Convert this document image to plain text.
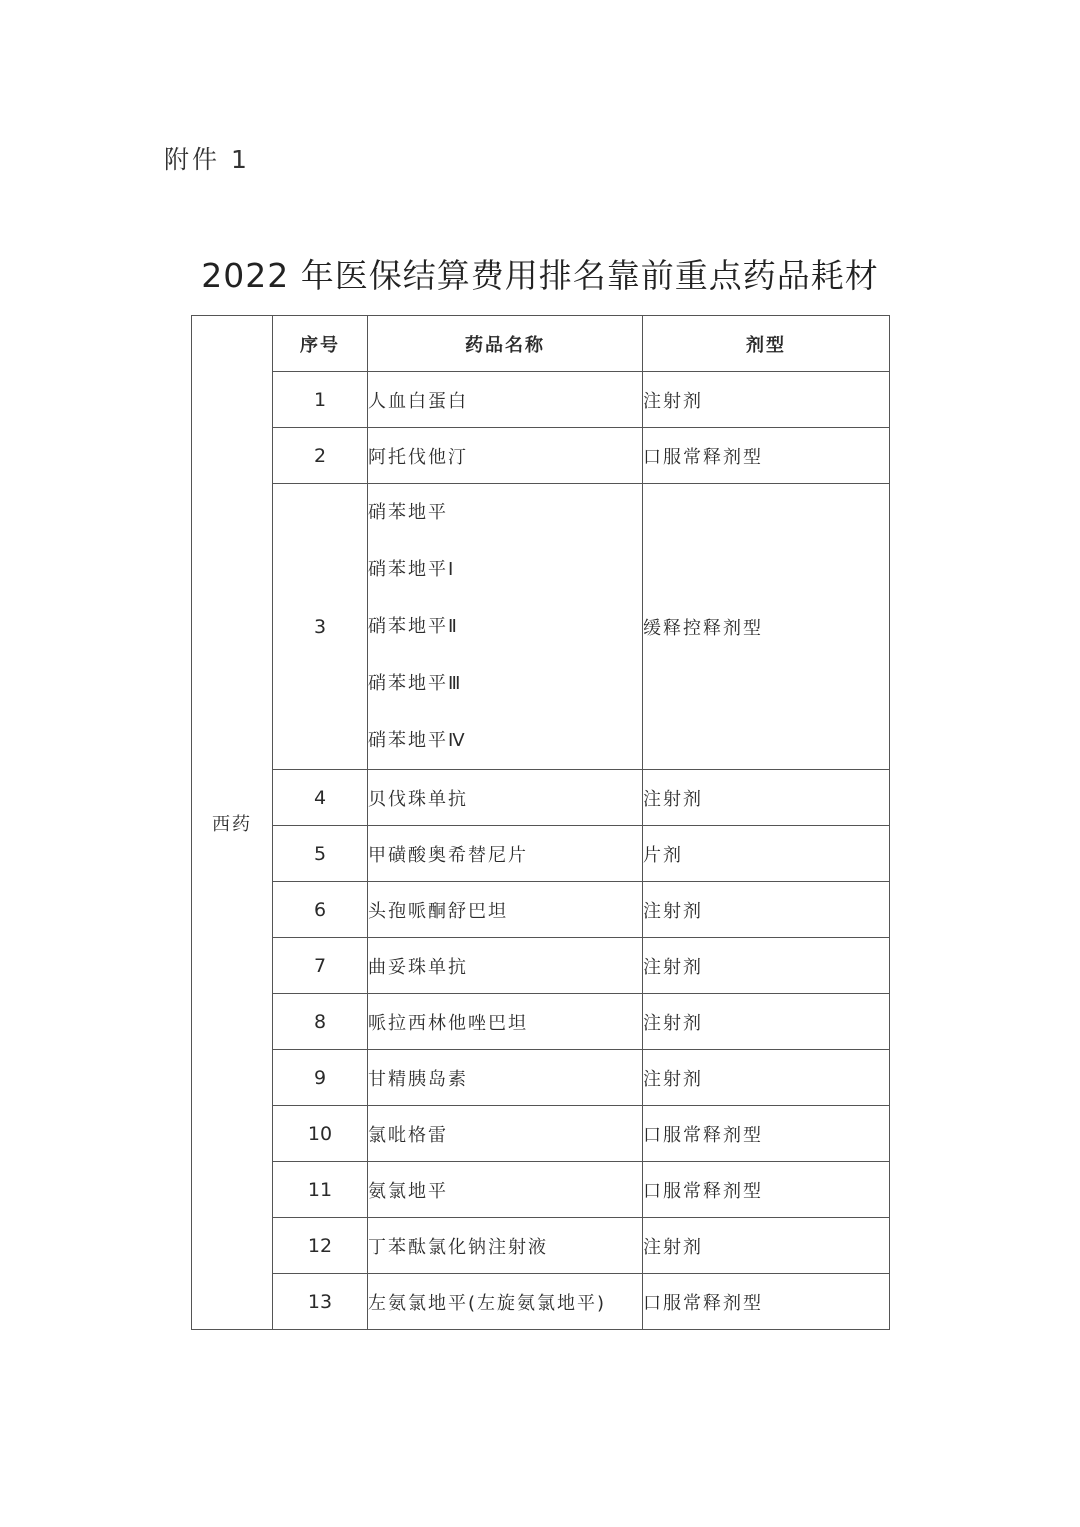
附件 1
2022 年医保结算费用排名靠前重点药品耗材
西药	序号	药品名称	剂型
	1	人血白蛋白	注射剂
	2	阿托伐他汀	口服常释剂型
	3	硝苯地平
硝苯地平Ⅰ
硝苯地平Ⅱ
硝苯地平Ⅲ
硝苯地平Ⅳ	缓释控释剂型
	4	贝伐珠单抗	注射剂
	5	甲磺酸奥希替尼片	片剂
	6	头孢哌酮舒巴坦	注射剂
	7	曲妥珠单抗	注射剂
	8	哌拉西林他唑巴坦	注射剂
	9	甘精胰岛素	注射剂
	10	氯吡格雷	口服常释剂型
	11	氨氯地平	口服常释剂型
	12	丁苯酞氯化钠注射液	注射剂
	13	左氨氯地平(左旋氨氯地平)	口服常释剂型
